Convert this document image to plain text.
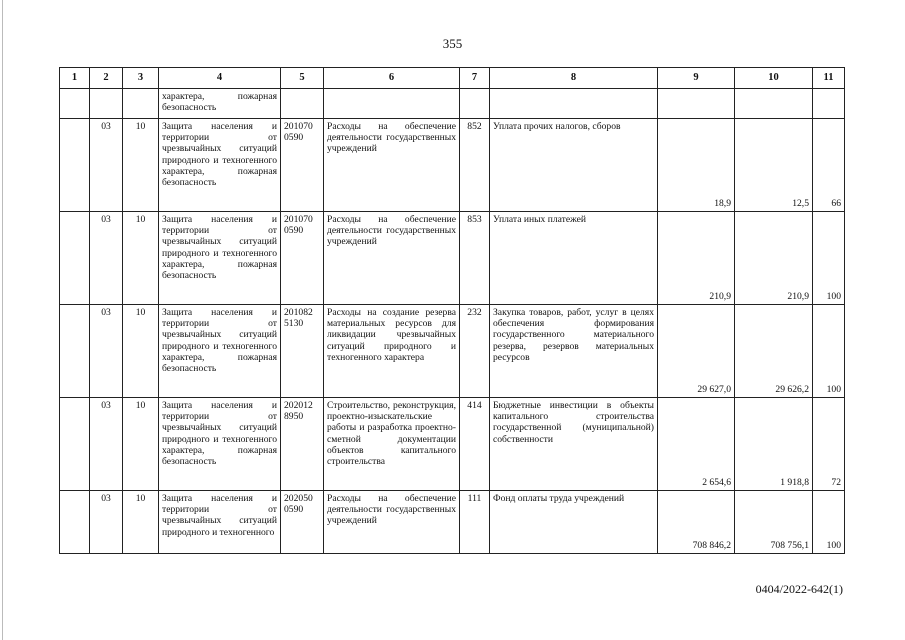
355
1	2	3	4	5	6	7	8	9	10	11
			характера, пожарная безопасность							
	03	10	Защита населения и территории от чрезвычайных ситуаций природного и техногенного характера, пожарная безопасность	201070 0590	Расходы на обеспечение деятельности государственных учреждений	852	Уплата прочих налогов, сборов	18,9	12,5	66
	03	10	Защита населения и территории от чрезвычайных ситуаций природного и техногенного характера, пожарная безопасность	201070 0590	Расходы на обеспечение деятельности государственных учреждений	853	Уплата иных платежей	210,9	210,9	100
	03	10	Защита населения и территории от чрезвычайных ситуаций природного и техногенного характера, пожарная безопасность	201082 5130	Расходы на создание резерва материальных ресурсов для ликвидации чрезвычайных ситуаций природного и техногенного характера	232	Закупка товаров, работ, услуг в целях обеспечения формирования государственного материального резерва, резервов материальных ресурсов	29 627,0	29 626,2	100
	03	10	Защита населения и территории от чрезвычайных ситуаций природного и техногенного характера, пожарная безопасность	202012 8950	Строительство, реконструкция, проектно-изыскательские работы и разработка проектно-сметной документации объектов капитального строительства	414	Бюджетные инвестиции в объекты капитального строительства государственной (муниципальной) собственности	2 654,6	1 918,8	72
	03	10	Защита населения и территории от чрезвычайных ситуаций природного и техногенного	202050 0590	Расходы на обеспечение деятельности государственных учреждений	111	Фонд оплаты труда учреждений	708 846,2	708 756,1	100
0404/2022-642(1)
